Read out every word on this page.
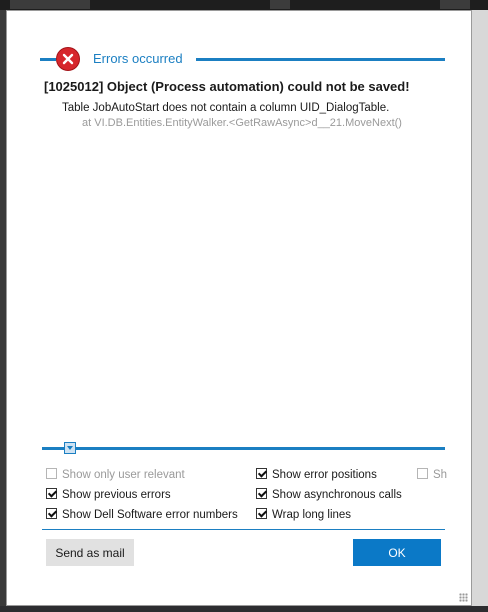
Errors occurred
[1025012] Object (Process automation) could not be saved!
Table JobAutoStart does not contain a column UID_DialogTable.
at VI.DB.Entities.EntityWalker.<GetRawAsync>d__21.MoveNext()
Show only user relevant	Show error positions	Sh
Show previous errors	Show asynchronous calls
Show Dell Software error numbers	Wrap long lines
Send as mail	OK
